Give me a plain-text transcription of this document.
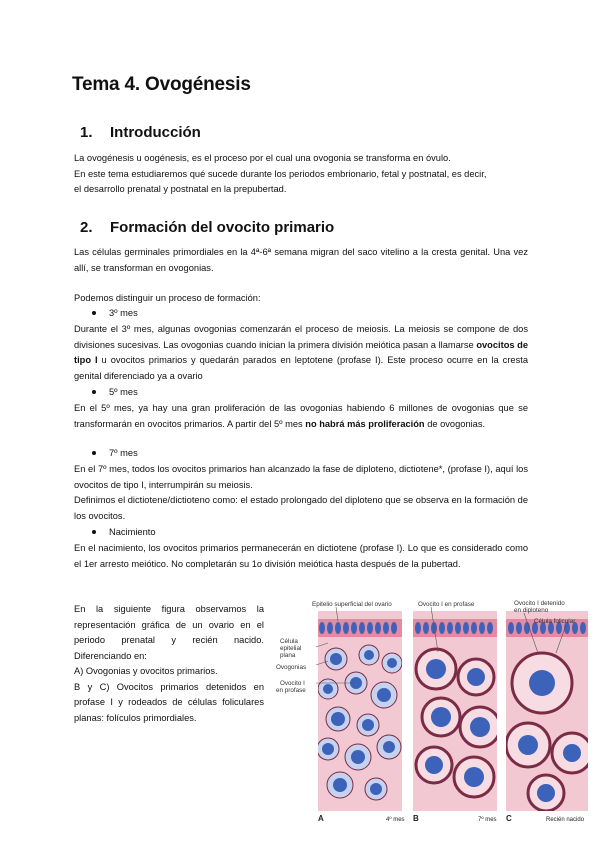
Tema 4. Ovogénesis
1. Introducción

La ovogénesis u oogénesis, es el proceso por el cual una ovogonia se transforma en óvulo.
En este tema estudiaremos qué sucede durante los periodos embrionario, fetal y postnatal, es decir,
el desarrollo prenatal y postnatal en la prepubertad.

2. Formación del ovocito primario

Las células germinales primordiales en la 4ª-6ª semana migran del saco vitelino a la cresta genital. Una vez allí, se transforman en ovogonias.

Podemos distinguir un proceso de formación:

3º mes

Durante el 3º mes, algunas ovogonias comenzarán el proceso de meiosis. La meiosis se compone de dos divisiones sucesivas. Las ovogonias cuando inician la primera división meiótica pasan a llamarse ovocitos de tipo I u ovocitos primarios y quedarán parados en leptotene (profase I). Este proceso ocurre en la cresta genital diferenciado ya a ovario

5º mes

En el 5º mes, ya hay una gran proliferación de las ovogonias habiendo 6 millones de ovogonias que se transformarán en ovocitos primarios. A partir del 5º mes no habrá más proliferación de ovogonias.

7º mes

En el 7º mes, todos los ovocitos primarios han alcanzado la fase de diploteno, dictiotene*, (profase I), aquí los ovocitos de tipo I, interrumpirán su meiosis.

Definimos el dictiotene/dictioteno como: el estado prolongado del diploteno que se observa en la formación de los ovocitos.

Nacimiento

En el nacimiento, los ovocitos primarios permanecerán en dictiotene (profase I). Lo que es considerado como el 1er arresto meiótico. No completarán su 1o división meiótica hasta después de la pubertad.

En la siguiente figura observamos la representación gráfica de un ovario en el periodo prenatal y recién nacido. Diferenciando en:
A) Ovogonias y ovocitos primarios.
B y C) Ovocitos primarios detenidos en profase I y rodeados de células foliculares planas: folículos primordiales.

Epitelio superficial del ovario	Ovocito I en profase	Ovocito I detenido
en diploteno
Célula folicular
Célula
epitelial
plana
Ovogonias
Ovocito I
en profase
A	4º mes B	7º mes C	Recién nacido
